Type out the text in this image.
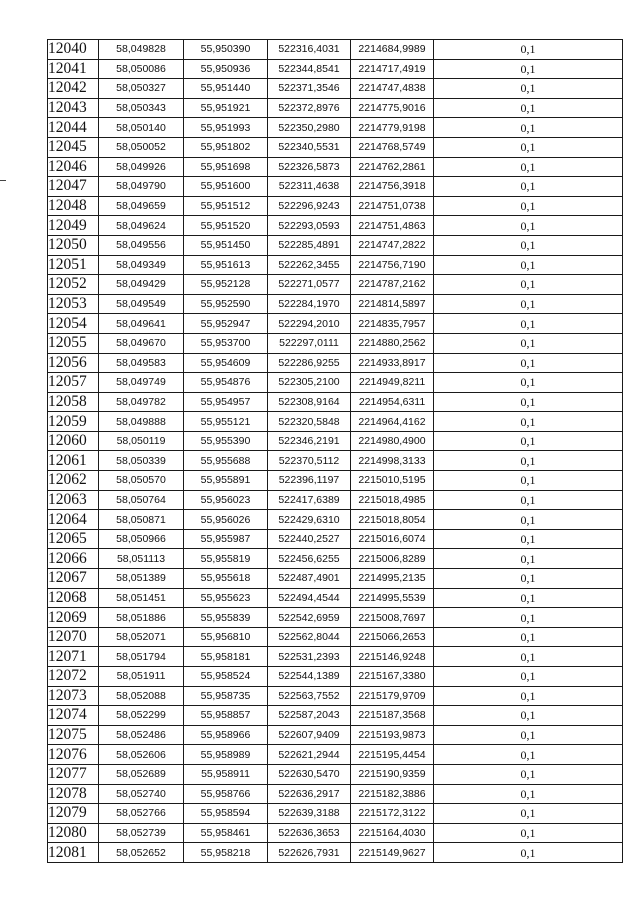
12040	58,049828	55,950390	522316,4031	2214684,9989	0,1
12041	58,050086	55,950936	522344,8541	2214717,4919	0,1
12042	58,050327	55,951440	522371,3546	2214747,4838	0,1
12043	58,050343	55,951921	522372,8976	2214775,9016	0,1
12044	58,050140	55,951993	522350,2980	2214779,9198	0,1
12045	58,050052	55,951802	522340,5531	2214768,5749	0,1
12046	58,049926	55,951698	522326,5873	2214762,2861	0,1
12047	58,049790	55,951600	522311,4638	2214756,3918	0,1
12048	58,049659	55,951512	522296,9243	2214751,0738	0,1
12049	58,049624	55,951520	522293,0593	2214751,4863	0,1
12050	58,049556	55,951450	522285,4891	2214747,2822	0,1
12051	58,049349	55,951613	522262,3455	2214756,7190	0,1
12052	58,049429	55,952128	522271,0577	2214787,2162	0,1
12053	58,049549	55,952590	522284,1970	2214814,5897	0,1
12054	58,049641	55,952947	522294,2010	2214835,7957	0,1
12055	58,049670	55,953700	522297,0111	2214880,2562	0,1
12056	58,049583	55,954609	522286,9255	2214933,8917	0,1
12057	58,049749	55,954876	522305,2100	2214949,8211	0,1
12058	58,049782	55,954957	522308,9164	2214954,6311	0,1
12059	58,049888	55,955121	522320,5848	2214964,4162	0,1
12060	58,050119	55,955390	522346,2191	2214980,4900	0,1
12061	58,050339	55,955688	522370,5112	2214998,3133	0,1
12062	58,050570	55,955891	522396,1197	2215010,5195	0,1
12063	58,050764	55,956023	522417,6389	2215018,4985	0,1
12064	58,050871	55,956026	522429,6310	2215018,8054	0,1
12065	58,050966	55,955987	522440,2527	2215016,6074	0,1
12066	58,051113	55,955819	522456,6255	2215006,8289	0,1
12067	58,051389	55,955618	522487,4901	2214995,2135	0,1
12068	58,051451	55,955623	522494,4544	2214995,5539	0,1
12069	58,051886	55,955839	522542,6959	2215008,7697	0,1
12070	58,052071	55,956810	522562,8044	2215066,2653	0,1
12071	58,051794	55,958181	522531,2393	2215146,9248	0,1
12072	58,051911	55,958524	522544,1389	2215167,3380	0,1
12073	58,052088	55,958735	522563,7552	2215179,9709	0,1
12074	58,052299	55,958857	522587,2043	2215187,3568	0,1
12075	58,052486	55,958966	522607,9409	2215193,9873	0,1
12076	58,052606	55,958989	522621,2944	2215195,4454	0,1
12077	58,052689	55,958911	522630,5470	2215190,9359	0,1
12078	58,052740	55,958766	522636,2917	2215182,3886	0,1
12079	58,052766	55,958594	522639,3188	2215172,3122	0,1
12080	58,052739	55,958461	522636,3653	2215164,4030	0,1
12081	58,052652	55,958218	522626,7931	2215149,9627	0,1
